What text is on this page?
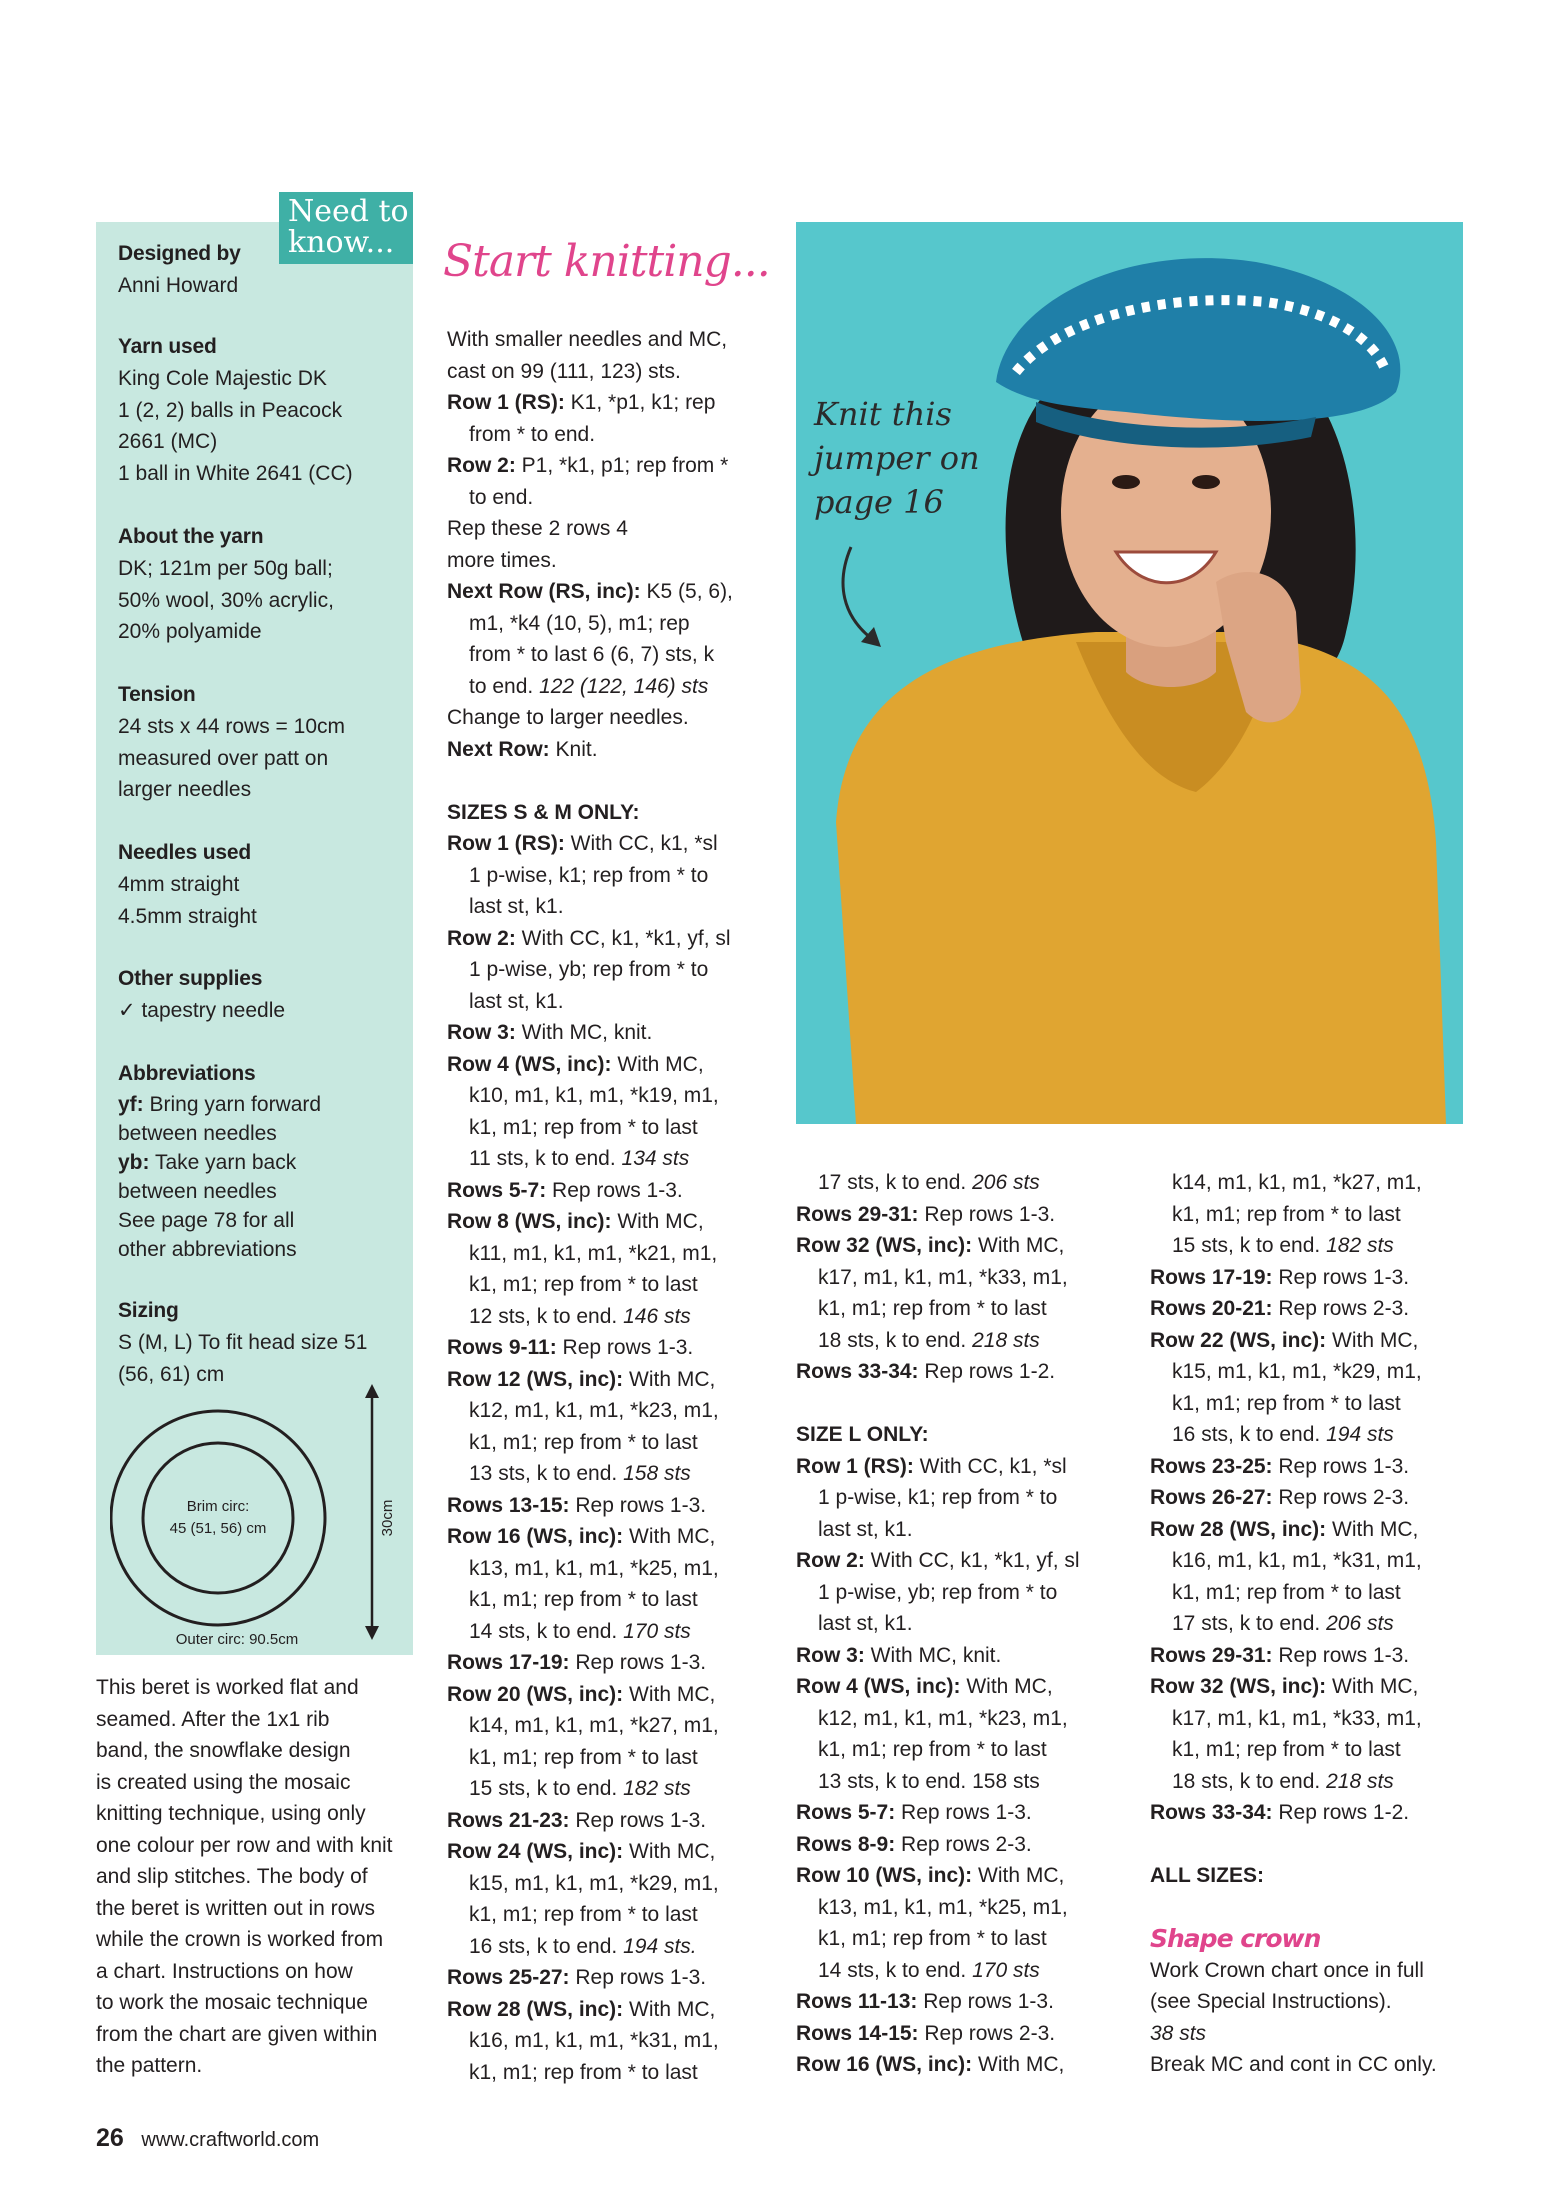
Need to know...
Designed by
Anni Howard
Yarn used
King Cole Majestic DK
1 (2, 2) balls in Peacock
2661 (MC)
1 ball in White 2641 (CC)
About the yarn
DK; 121m per 50g ball;
50% wool, 30% acrylic,
20% polyamide
Tension
24 sts x 44 rows = 10cm
measured over patt on
larger needles
Needles used
4mm straight
4.5mm straight
Other supplies
✓ tapestry needle
Abbreviations
yf: Bring yarn forward
between needles
yb: Take yarn back
between needles
See page 78 for all
other abbreviations
Sizing
S (M, L) To fit head size 51
(56, 61) cm
Brim circ:
45 (51, 56) cm	30cm
Outer circ: 90.5cm
This beret is worked flat and
seamed. After the 1x1 rib
band, the snowflake design
is created using the mosaic
knitting technique, using only
one colour per row and with knit
and slip stitches. The body of
the beret is written out in rows
while the crown is worked from
a chart. Instructions on how
to work the mosaic technique
from the chart are given within
the pattern.
Start knitting...

With smaller needles and MC,

cast on 99 (111, 123) sts.

Row 1 (RS): K1, *p1, k1; rep

from * to end.

Row 2: P1, *k1, p1; rep from *

to end.

Rep these 2 rows 4

more times.

Next Row (RS, inc): K5 (5, 6),

m1, *k4 (10, 5), m1; rep

from * to last 6 (6, 7) sts, k

to end. 122 (122, 146) sts

Change to larger needles.

Next Row: Knit.

SIZES S & M ONLY:

Row 1 (RS): With CC, k1, *sl

1 p-wise, k1; rep from * to

last st, k1.

Row 2: With CC, k1, *k1, yf, sl

1 p-wise, yb; rep from * to

last st, k1.

Row 3: With MC, knit.

Row 4 (WS, inc): With MC,

k10, m1, k1, m1, *k19, m1,

k1, m1; rep from * to last

11 sts, k to end. 134 sts

Rows 5-7: Rep rows 1-3.

Row 8 (WS, inc): With MC,

k11, m1, k1, m1, *k21, m1,

k1, m1; rep from * to last

12 sts, k to end. 146 sts

Rows 9-11: Rep rows 1-3.

Row 12 (WS, inc): With MC,

k12, m1, k1, m1, *k23, m1,

k1, m1; rep from * to last

13 sts, k to end. 158 sts

Rows 13-15: Rep rows 1-3.

Row 16 (WS, inc): With MC,

k13, m1, k1, m1, *k25, m1,

k1, m1; rep from * to last

14 sts, k to end. 170 sts

Rows 17-19: Rep rows 1-3.

Row 20 (WS, inc): With MC,

k14, m1, k1, m1, *k27, m1,

k1, m1; rep from * to last

15 sts, k to end. 182 sts

Rows 21-23: Rep rows 1-3.

Row 24 (WS, inc): With MC,

k15, m1, k1, m1, *k29, m1,

k1, m1; rep from * to last

16 sts, k to end. 194 sts.

Rows 25-27: Rep rows 1-3.

Row 28 (WS, inc): With MC,

k16, m1, k1, m1, *k31, m1,

k1, m1; rep from * to last

17 sts, k to end. 206 sts

Rows 29-31: Rep rows 1-3.

Row 32 (WS, inc): With MC,

k17, m1, k1, m1, *k33, m1,

k1, m1; rep from * to last

18 sts, k to end. 218 sts

Rows 33-34: Rep rows 1-2.

SIZE L ONLY:

Row 1 (RS): With CC, k1, *sl

1 p-wise, k1; rep from * to

last st, k1.

Row 2: With CC, k1, *k1, yf, sl

1 p-wise, yb; rep from * to

last st, k1.

Row 3: With MC, knit.

Row 4 (WS, inc): With MC,

k12, m1, k1, m1, *k23, m1,

k1, m1; rep from * to last

13 sts, k to end. 158 sts

Rows 5-7: Rep rows 1-3.

Rows 8-9: Rep rows 2-3.

Row 10 (WS, inc): With MC,

k13, m1, k1, m1, *k25, m1,

k1, m1; rep from * to last

14 sts, k to end. 170 sts

Rows 11-13: Rep rows 1-3.

Rows 14-15: Rep rows 2-3.

Row 16 (WS, inc): With MC,

k14, m1, k1, m1, *k27, m1,

k1, m1; rep from * to last

15 sts, k to end. 182 sts

Rows 17-19: Rep rows 1-3.

Rows 20-21: Rep rows 2-3.

Row 22 (WS, inc): With MC,

k15, m1, k1, m1, *k29, m1,

k1, m1; rep from * to last

16 sts, k to end. 194 sts

Rows 23-25: Rep rows 1-3.

Rows 26-27: Rep rows 2-3.

Row 28 (WS, inc): With MC,

k16, m1, k1, m1, *k31, m1,

k1, m1; rep from * to last

17 sts, k to end. 206 sts

Rows 29-31: Rep rows 1-3.

Row 32 (WS, inc): With MC,

k17, m1, k1, m1, *k33, m1,

k1, m1; rep from * to last

18 sts, k to end. 218 sts

Rows 33-34: Rep rows 1-2.

ALL SIZES:

Shape crown

Work Crown chart once in full

(see Special Instructions).

38 sts

Break MC and cont in CC only.

Knit this
jumper on
page 16
26 www.craftworld.com
